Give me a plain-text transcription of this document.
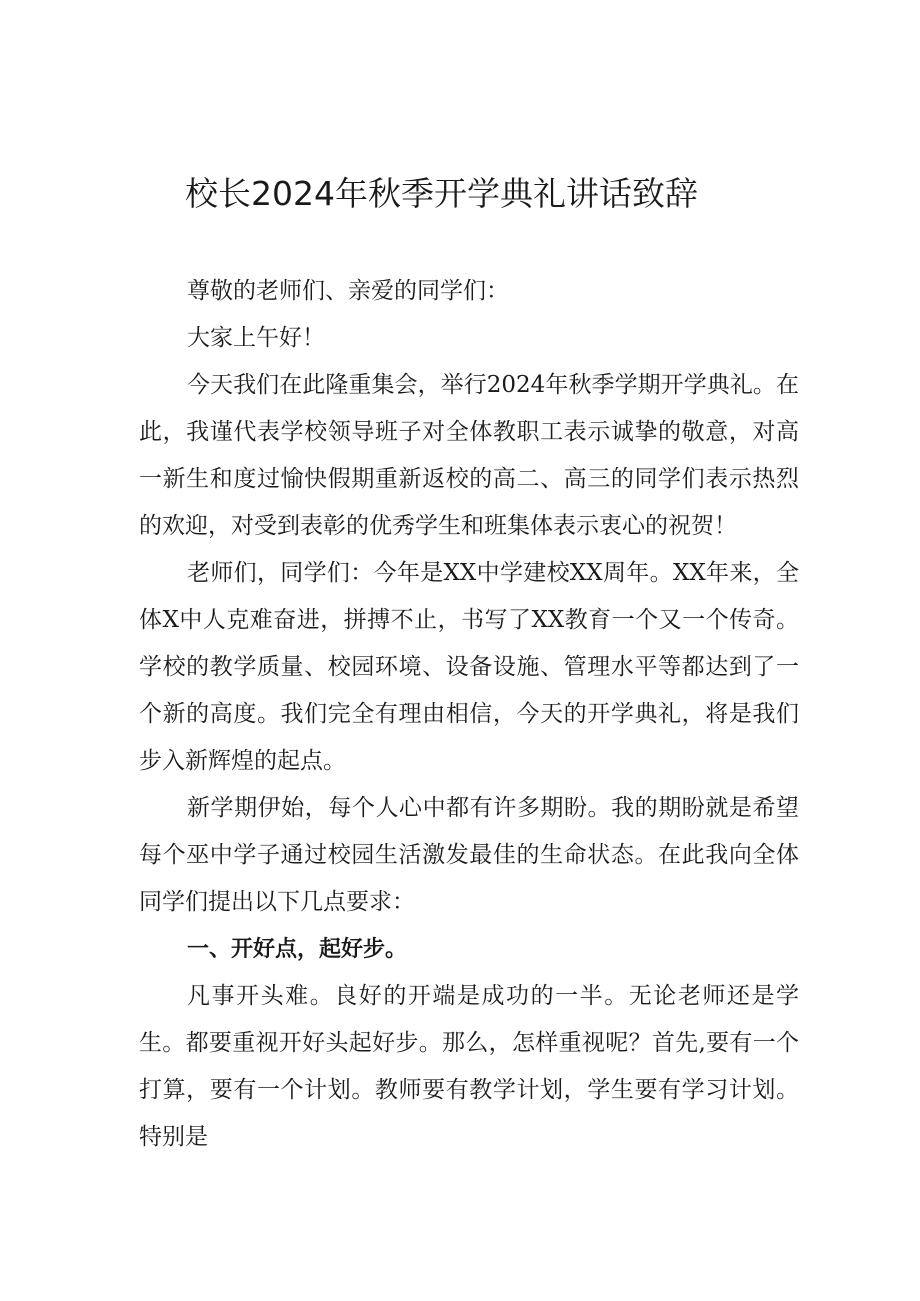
校长2024年秋季开学典礼讲话致辞

尊敬的老师们、亲爱的同学们：

大家上午好！

今天我们在此隆重集会，举行2024年秋季学期开学典礼。在此，我谨代表学校领导班子对全体教职工表示诚挚的敬意，对高一新生和度过愉快假期重新返校的高二、高三的同学们表示热烈的欢迎，对受到表彰的优秀学生和班集体表示衷心的祝贺！

老师们，同学们：今年是XX中学建校XX周年。XX年来，全体X中人克难奋进，拼搏不止，书写了XX教育一个又一个传奇。学校的教学质量、校园环境、设备设施、管理水平等都达到了一个新的高度。我们完全有理由相信，今天的开学典礼，将是我们步入新辉煌的起点。

新学期伊始，每个人心中都有许多期盼。我的期盼就是希望每个巫中学子通过校园生活激发最佳的生命状态。在此我向全体同学们提出以下几点要求：

一、开好点，起好步。

凡事开头难。良好的开端是成功的一半。无论老师还是学生。都要重视开好头起好步。那么，怎样重视呢？首先,要有一个打算，要有一个计划。教师要有教学计划，学生要有学习计划。特别是
